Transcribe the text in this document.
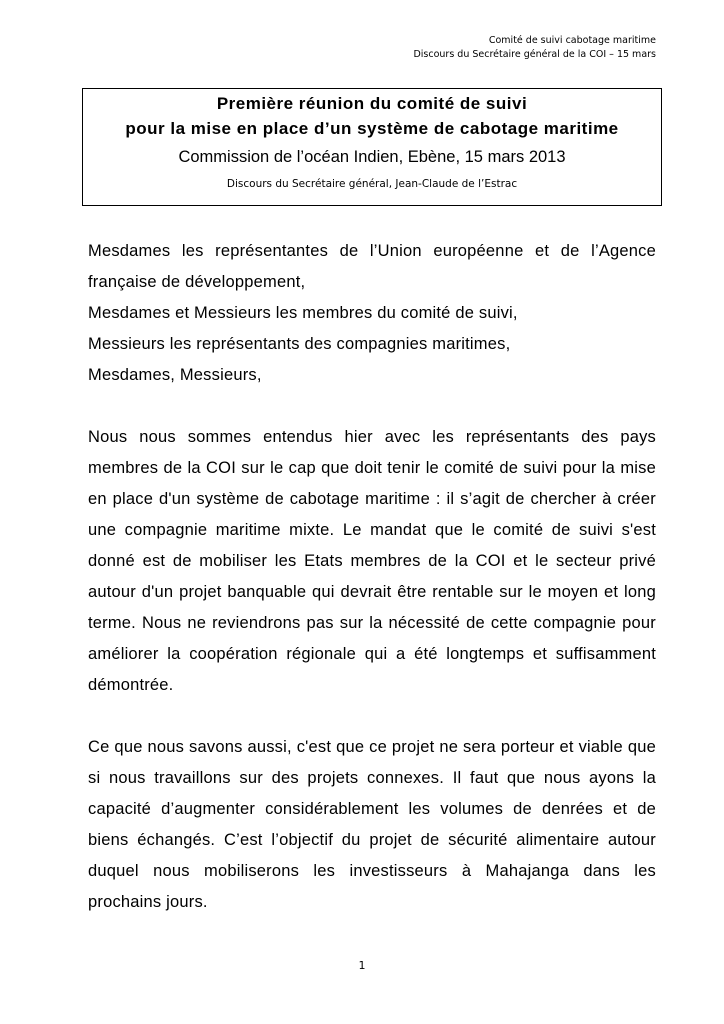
Comité de suivi cabotage maritime
Discours du Secrétaire général de la COI – 15 mars
Première réunion du comité de suivi
pour la mise en place d’un système de cabotage maritime
Commission de l’océan Indien, Ebène, 15 mars 2013
Discours du Secrétaire général, Jean-Claude de l’Estrac

Mesdames les représentantes de l’Union européenne et de l’Agence française de développement,

Mesdames et Messieurs les membres du comité de suivi,

Messieurs les représentants des compagnies maritimes,

Mesdames, Messieurs,

Nous nous sommes entendus hier avec les représentants des pays membres de la COI sur le cap que doit tenir le comité de suivi pour la mise en place d'un système de cabotage maritime : il s’agit de chercher à créer une compagnie maritime mixte. Le mandat que le comité de suivi s'est donné est de mobiliser les Etats membres de la COI et le secteur privé autour d'un projet banquable qui devrait être rentable sur le moyen et long terme. Nous ne reviendrons pas sur la nécessité de cette compagnie pour améliorer la coopération régionale qui a été longtemps et suffisamment démontrée.

Ce que nous savons aussi, c'est que ce projet ne sera porteur et viable que si nous travaillons sur des projets connexes. Il faut que nous ayons la capacité d’augmenter considérablement les volumes de denrées et de biens échangés. C’est l’objectif du projet de sécurité alimentaire autour duquel nous mobiliserons les investisseurs à Mahajanga dans les prochains jours.

1
